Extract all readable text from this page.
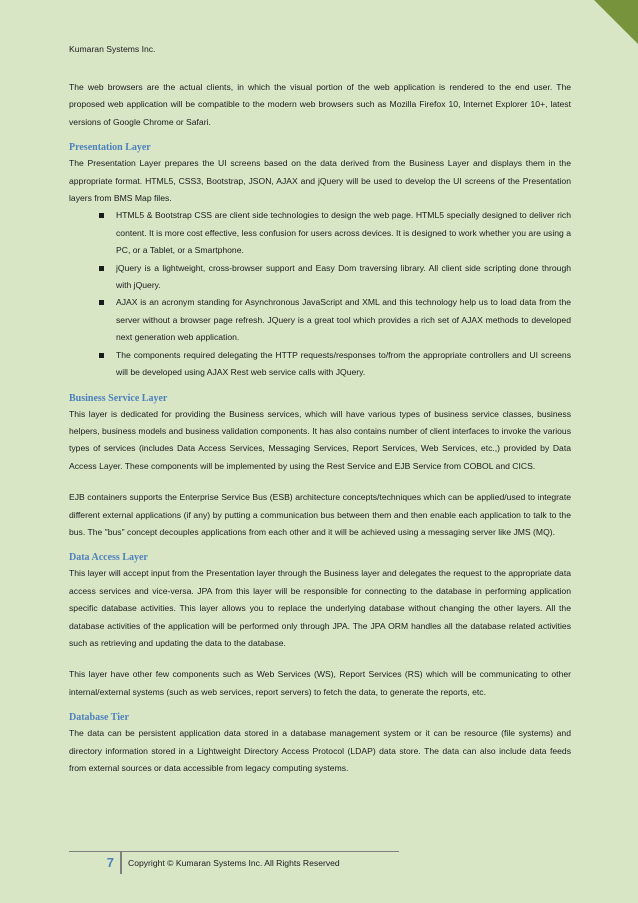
Kumaran Systems Inc.

The web browsers are the actual clients, in which the visual portion of the web application is rendered to the end user. The proposed web application will be compatible to the modern web browsers such as Mozilla Firefox 10, Internet Explorer 10+, latest versions of Google Chrome or Safari.

Presentation Layer

The Presentation Layer prepares the UI screens based on the data derived from the Business Layer and displays them in the appropriate format. HTML5, CSS3, Bootstrap, JSON, AJAX and jQuery will be used to develop the UI screens of the Presentation layers from BMS Map files.

HTML5 & Bootstrap CSS are client side technologies to design the web page. HTML5 specially designed to deliver rich content. It is more cost effective, less confusion for users across devices. It is designed to work whether you are using a PC, or a Tablet, or a Smartphone.
jQuery is a lightweight, cross-browser support and Easy Dom traversing library. All client side scripting done through with jQuery.
AJAX is an acronym standing for Asynchronous JavaScript and XML and this technology help us to load data from the server without a browser page refresh. JQuery is a great tool which provides a rich set of AJAX methods to developed next generation web application.
The components required delegating the HTTP requests/responses to/from the appropriate controllers and UI screens will be developed using AJAX Rest web service calls with JQuery.
Business Service Layer

This layer is dedicated for providing the Business services, which will have various types of business service classes, business helpers, business models and business validation components. It has also contains number of client interfaces to invoke the various types of services (includes Data Access Services, Messaging Services, Report Services, Web Services, etc.,) provided by Data Access Layer. These components will be implemented by using the Rest Service and EJB Service from COBOL and CICS.

EJB containers supports the Enterprise Service Bus (ESB) architecture concepts/techniques which can be applied/used to integrate different external applications (if any) by putting a communication bus between them and then enable each application to talk to the bus. The "bus" concept decouples applications from each other and it will be achieved using a messaging server like JMS (MQ).

Data Access Layer

This layer will accept input from the Presentation layer through the Business layer and delegates the request to the appropriate data access services and vice-versa. JPA from this layer will be responsible for connecting to the database in performing application specific database activities. This layer allows you to replace the underlying database without changing the other layers. All the database activities of the application will be performed only through JPA. The JPA ORM handles all the database related activities such as retrieving and updating the data to the database.

This layer have other few components such as Web Services (WS), Report Services (RS) which will be communicating to other internal/external systems (such as web services, report servers) to fetch the data, to generate the reports, etc.

Database Tier

The data can be persistent application data stored in a database management system or it can be resource (file systems) and directory information stored in a Lightweight Directory Access Protocol (LDAP) data store. The data can also include data feeds from external sources or data accessible from legacy computing systems.

7	Copyright © Kumaran Systems Inc. All Rights Reserved
